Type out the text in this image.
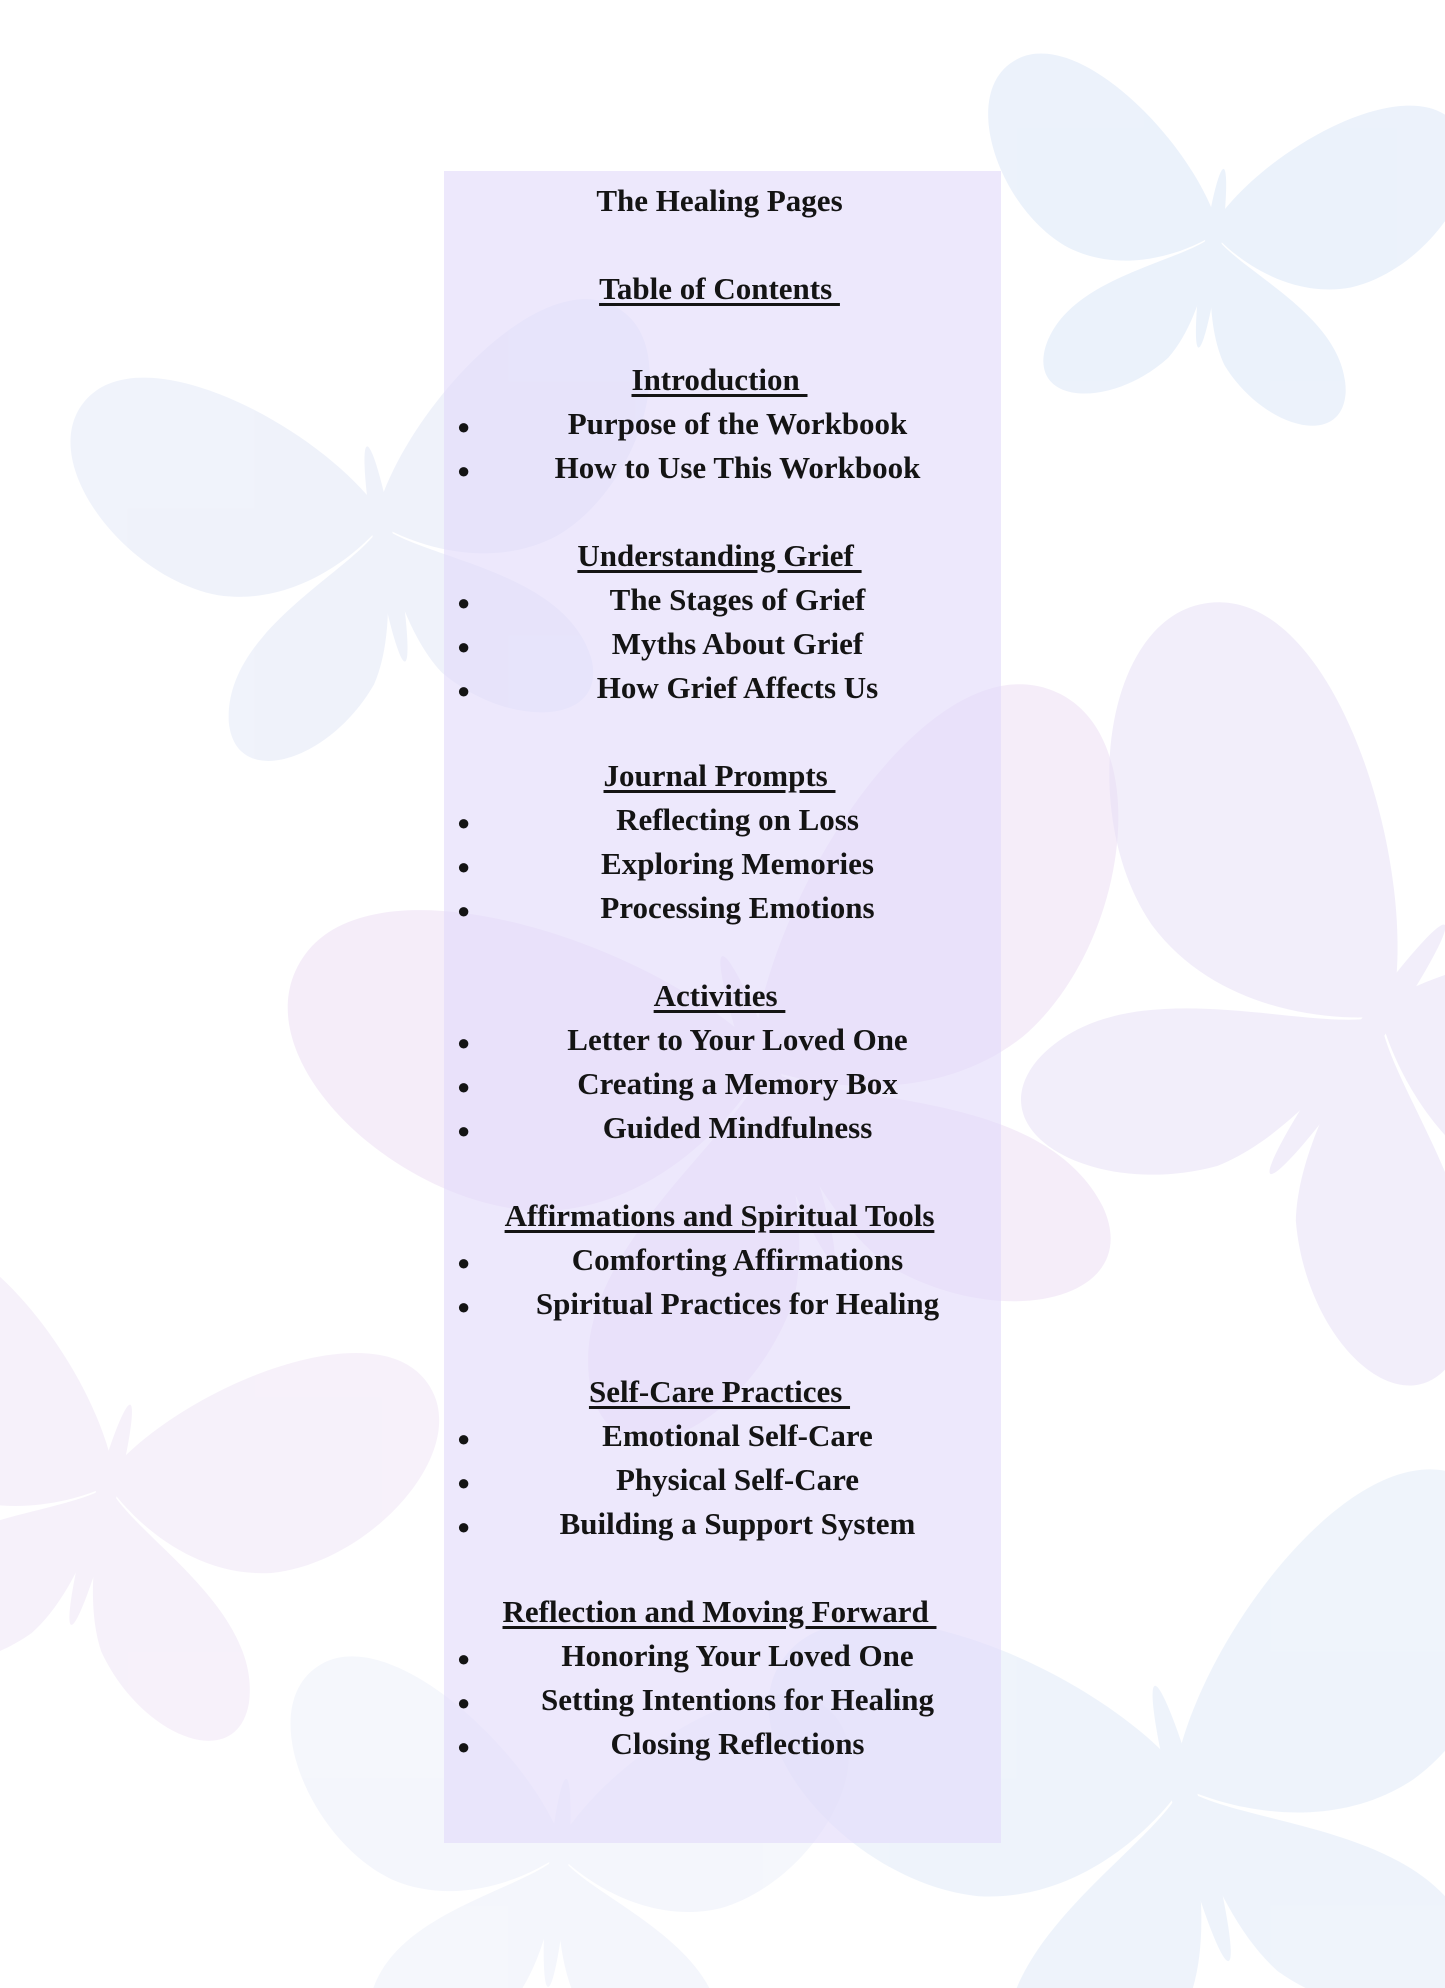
The Healing Pages
Table of Contents
Introduction
●	Purpose of the Workbook
●	How to Use This Workbook
Understanding Grief
●	The Stages of Grief
●	Myths About Grief
●	How Grief Affects Us
Journal Prompts
●	Reflecting on Loss
●	Exploring Memories
●	Processing Emotions
Activities
●	Letter to Your Loved One
●	Creating a Memory Box
●	Guided Mindfulness
Affirmations and Spiritual Tools
●	Comforting Affirmations
● Spiritual Practices for Healing
Self-Care Practices
●	Emotional Self-Care
●	Physical Self-Care
●	Building a Support System
Reflection and Moving Forward
●	Honoring Your Loved One
● Setting Intentions for Healing
●	Closing Reflections
